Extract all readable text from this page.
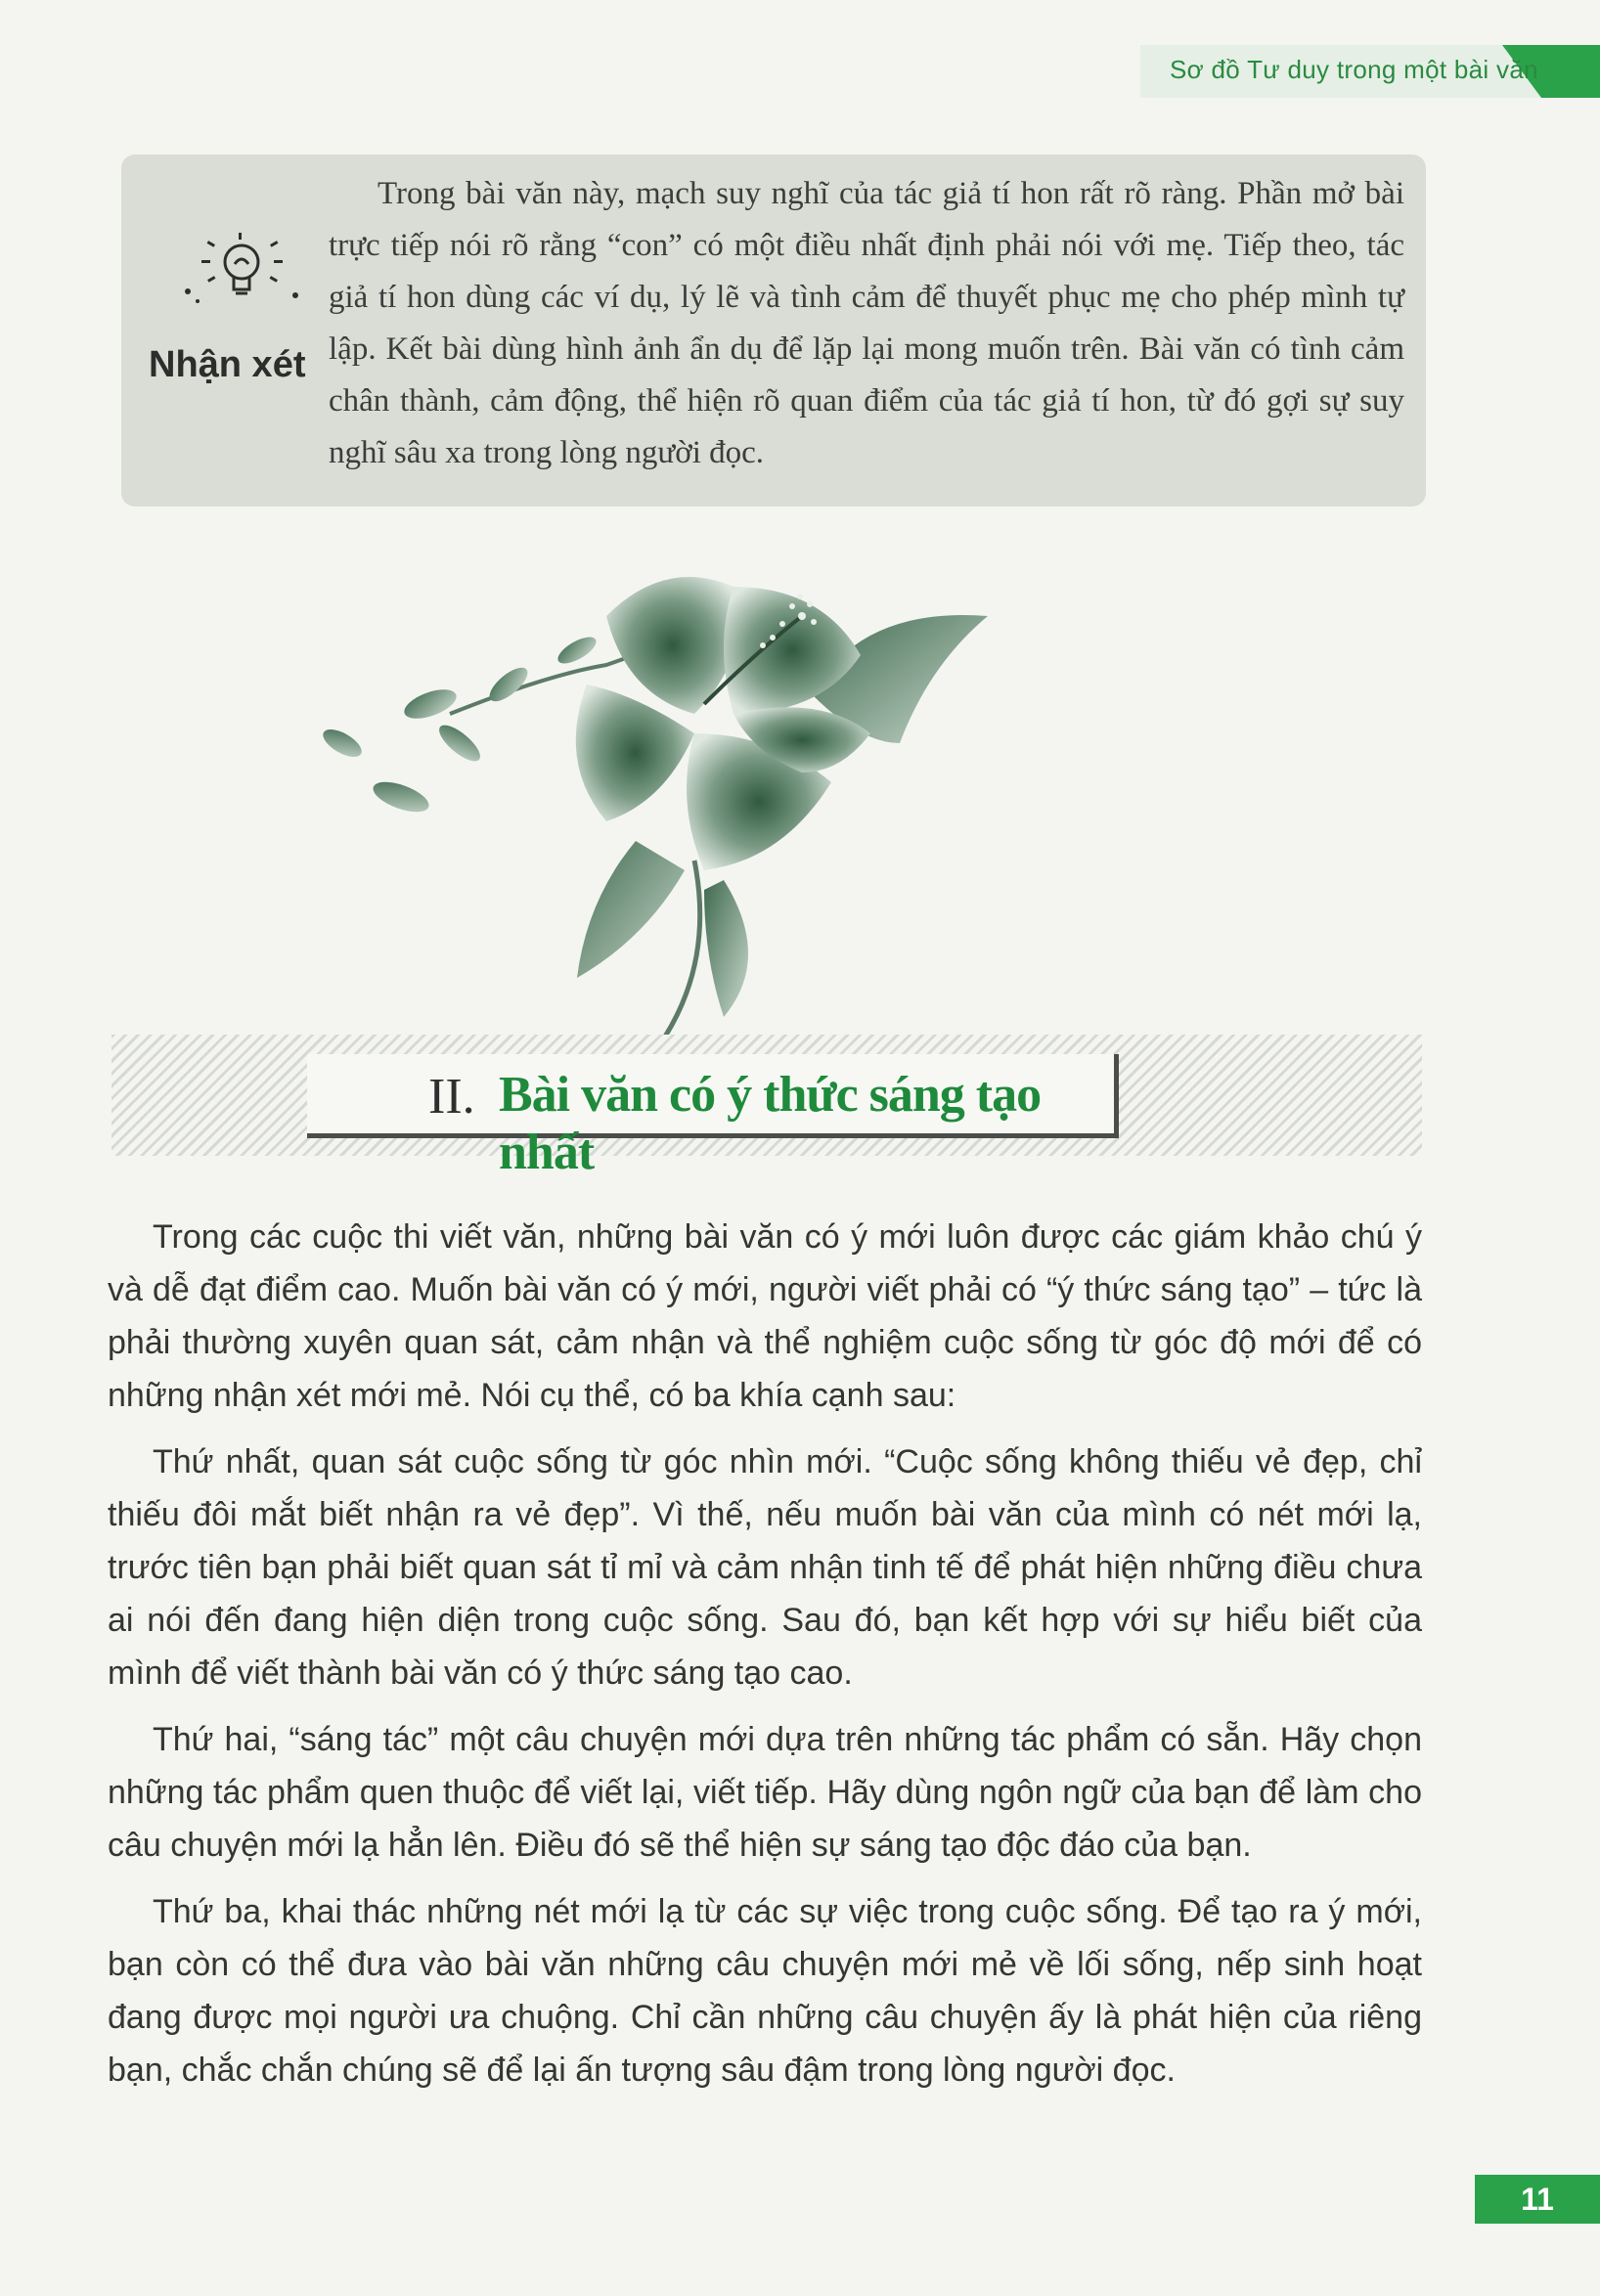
Sơ đồ Tư duy trong một bài văn
Nhận xét

Trong bài văn này, mạch suy nghĩ của tác giả tí hon rất rõ ràng. Phần mở bài trực tiếp nói rõ rằng “con” có một điều nhất định phải nói với mẹ. Tiếp theo, tác giả tí hon dùng các ví dụ, lý lẽ và tình cảm để thuyết phục mẹ cho phép mình tự lập. Kết bài dùng hình ảnh ẩn dụ để lặp lại mong muốn trên. Bài văn có tình cảm chân thành, cảm động, thể hiện rõ quan điểm của tác giả tí hon, từ đó gợi sự suy nghĩ sâu xa trong lòng người đọc.

II. Bài văn có ý thức sáng tạo nhất

Trong các cuộc thi viết văn, những bài văn có ý mới luôn được các giám khảo chú ý và dễ đạt điểm cao. Muốn bài văn có ý mới, người viết phải có “ý thức sáng tạo” – tức là phải thường xuyên quan sát, cảm nhận và thể nghiệm cuộc sống từ góc độ mới để có những nhận xét mới mẻ. Nói cụ thể, có ba khía cạnh sau:

Thứ nhất, quan sát cuộc sống từ góc nhìn mới. “Cuộc sống không thiếu vẻ đẹp, chỉ thiếu đôi mắt biết nhận ra vẻ đẹp”. Vì thế, nếu muốn bài văn của mình có nét mới lạ, trước tiên bạn phải biết quan sát tỉ mỉ và cảm nhận tinh tế để phát hiện những điều chưa ai nói đến đang hiện diện trong cuộc sống. Sau đó, bạn kết hợp với sự hiểu biết của mình để viết thành bài văn có ý thức sáng tạo cao.

Thứ hai, “sáng tác” một câu chuyện mới dựa trên những tác phẩm có sẵn. Hãy chọn những tác phẩm quen thuộc để viết lại, viết tiếp. Hãy dùng ngôn ngữ của bạn để làm cho câu chuyện mới lạ hẳn lên. Điều đó sẽ thể hiện sự sáng tạo độc đáo của bạn.

Thứ ba, khai thác những nét mới lạ từ các sự việc trong cuộc sống. Để tạo ra ý mới, bạn còn có thể đưa vào bài văn những câu chuyện mới mẻ về lối sống, nếp sinh hoạt đang được mọi người ưa chuộng. Chỉ cần những câu chuyện ấy là phát hiện của riêng bạn, chắc chắn chúng sẽ để lại ấn tượng sâu đậm trong lòng người đọc.

11
